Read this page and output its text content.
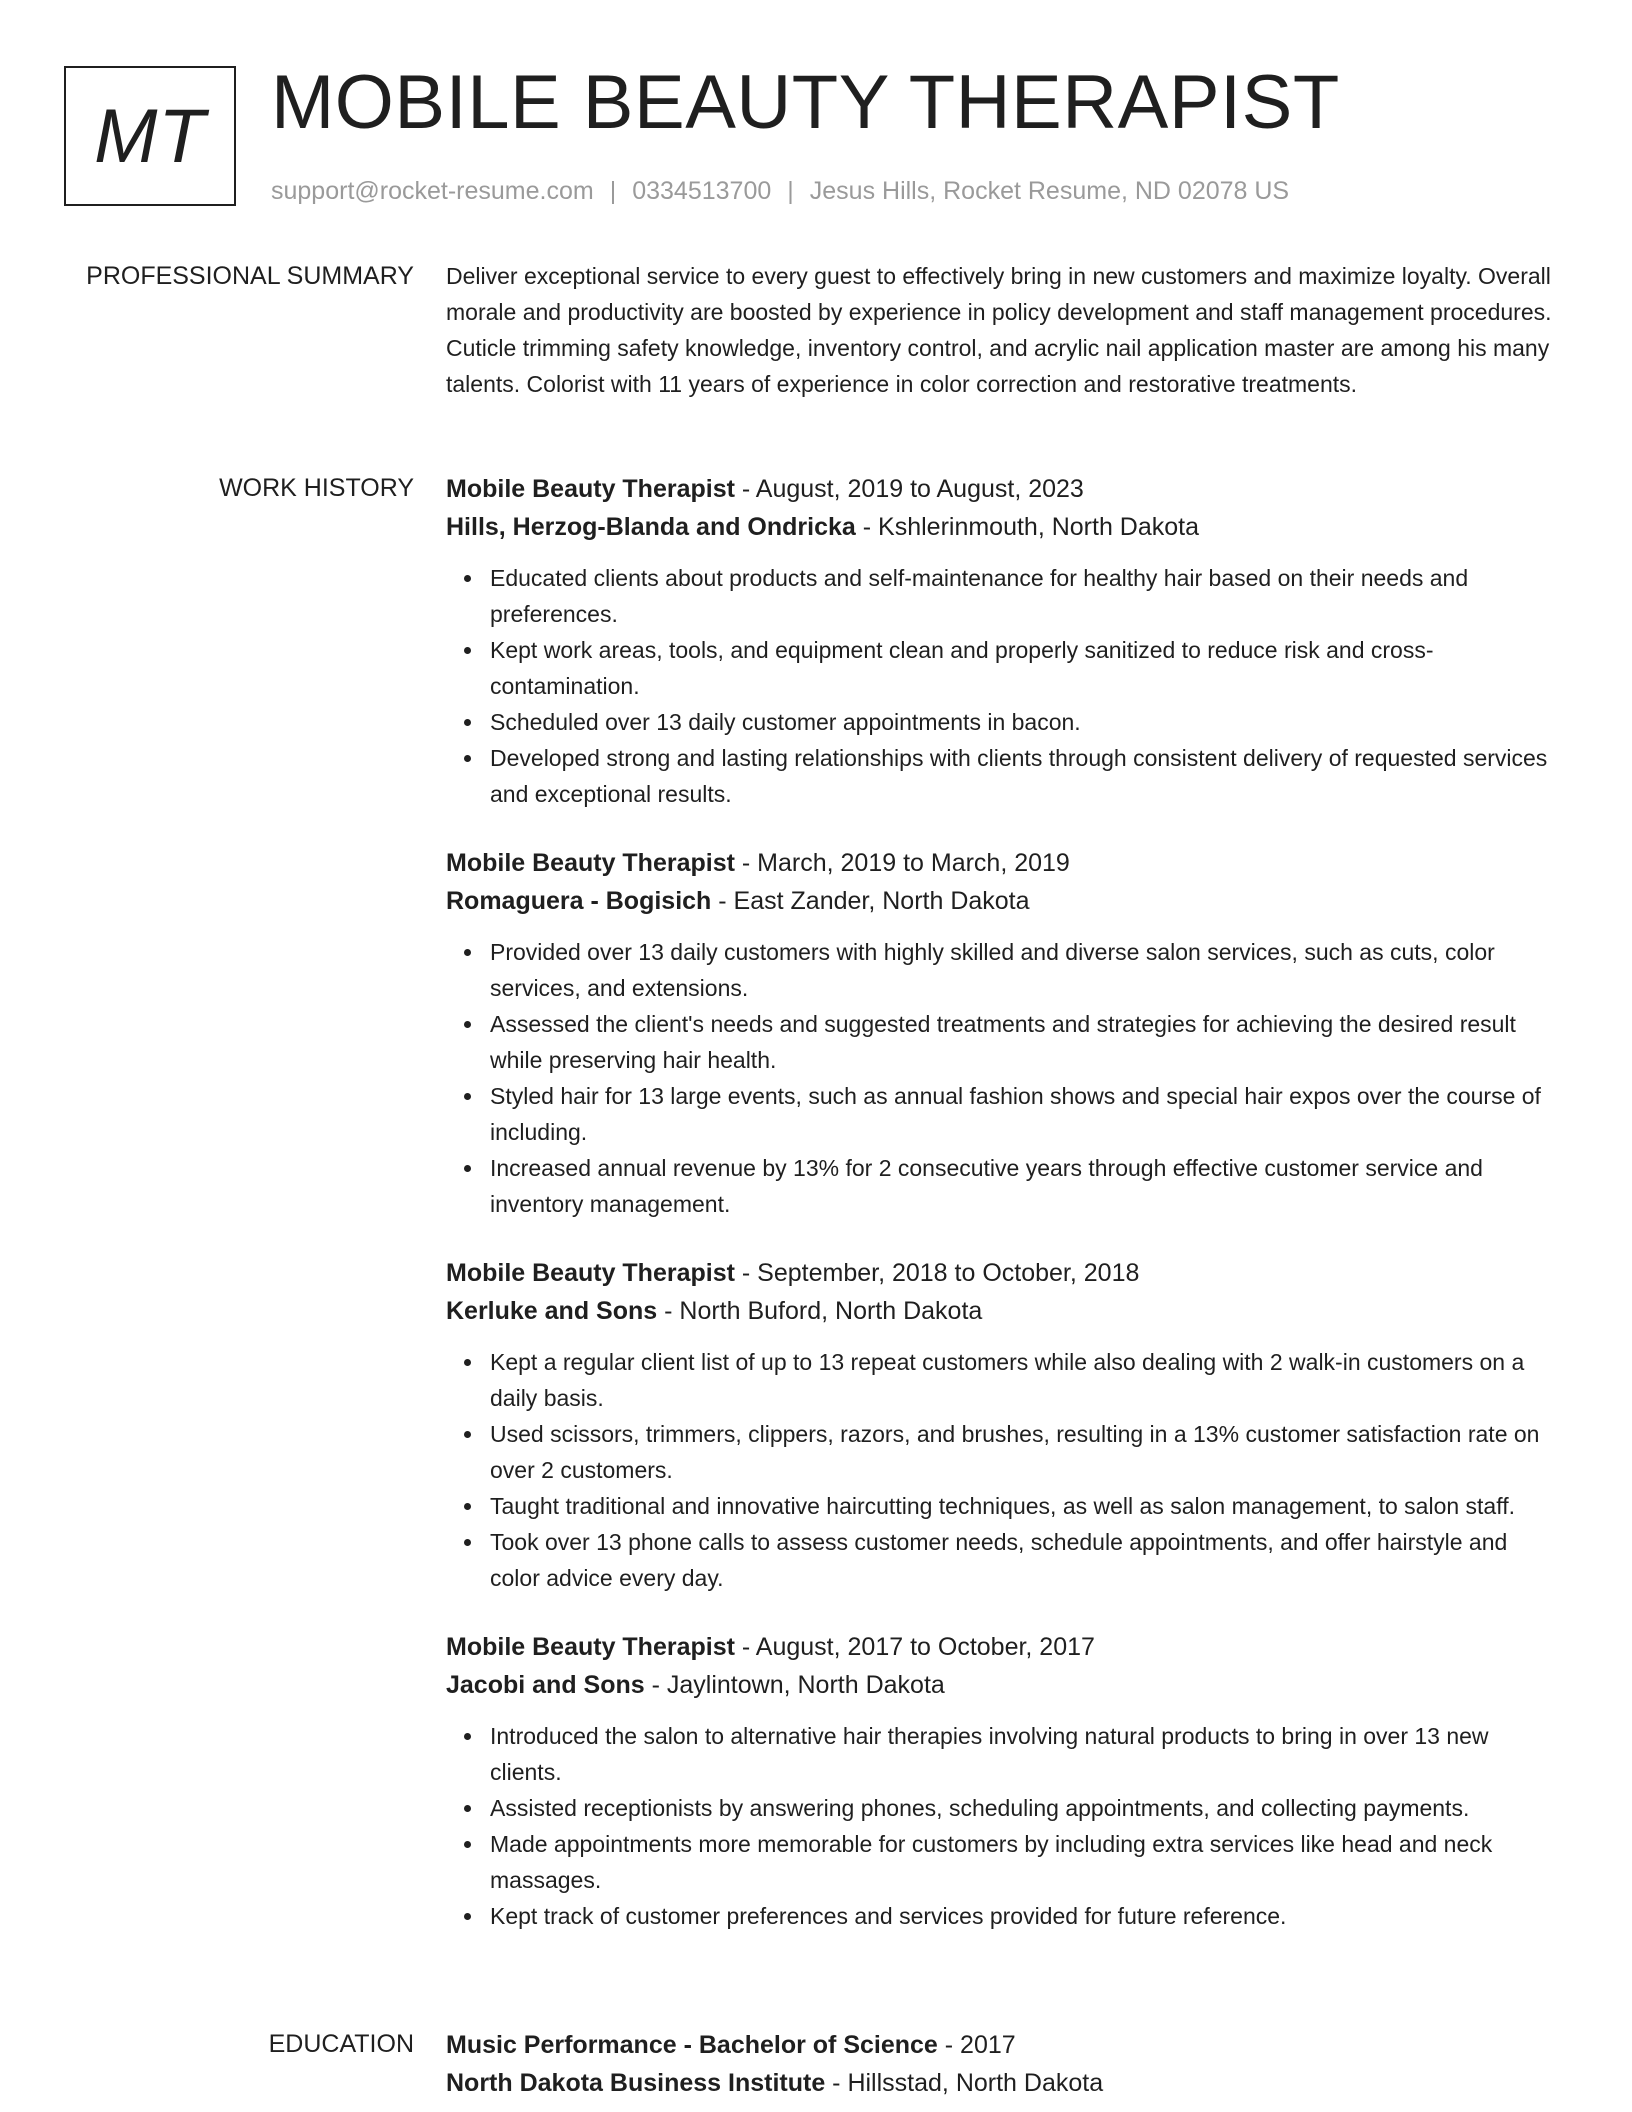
MT MOBILE BEAUTY THERAPIST
support@rocket-resume.com | 0334513700 | Jesus Hills, Rocket Resume, ND 02078 US
PROFESSIONAL SUMMARY Deliver exceptional service to every guest to effectively bring in new customers and maximize loyalty. Overall morale and productivity are boosted by experience in policy development and staff management procedures. Cuticle trimming safety knowledge, inventory control, and acrylic nail application master are among his many talents. Colorist with 11 years of experience in color correction and restorative treatments.
WORK HISTORY Mobile Beauty Therapist - August, 2019 to August, 2023
Hills, Herzog-Blanda and Ondricka - Kshlerinmouth, North Dakota
Educated clients about products and self-maintenance for healthy hair based on their needs and preferences.
Kept work areas, tools, and equipment clean and properly sanitized to reduce risk and cross-contamination.
Scheduled over 13 daily customer appointments in bacon.
Developed strong and lasting relationships with clients through consistent delivery of requested services and exceptional results.
Mobile Beauty Therapist - March, 2019 to March, 2019
Romaguera - Bogisich - East Zander, North Dakota
Provided over 13 daily customers with highly skilled and diverse salon services, such as cuts, color services, and extensions.
Assessed the client's needs and suggested treatments and strategies for achieving the desired result while preserving hair health.
Styled hair for 13 large events, such as annual fashion shows and special hair expos over the course of including.
Increased annual revenue by 13% for 2 consecutive years through effective customer service and inventory management.
Mobile Beauty Therapist - September, 2018 to October, 2018
Kerluke and Sons - North Buford, North Dakota
Kept a regular client list of up to 13 repeat customers while also dealing with 2 walk-in customers on a daily basis.
Used scissors, trimmers, clippers, razors, and brushes, resulting in a 13% customer satisfaction rate on over 2 customers.
Taught traditional and innovative haircutting techniques, as well as salon management, to salon staff.
Took over 13 phone calls to assess customer needs, schedule appointments, and offer hairstyle and color advice every day.
Mobile Beauty Therapist - August, 2017 to October, 2017
Jacobi and Sons - Jaylintown, North Dakota
Introduced the salon to alternative hair therapies involving natural products to bring in over 13 new clients.
Assisted receptionists by answering phones, scheduling appointments, and collecting payments.
Made appointments more memorable for customers by including extra services like head and neck massages.
Kept track of customer preferences and services provided for future reference.
EDUCATION Music Performance - Bachelor of Science - 2017
North Dakota Business Institute - Hillsstad, North Dakota
